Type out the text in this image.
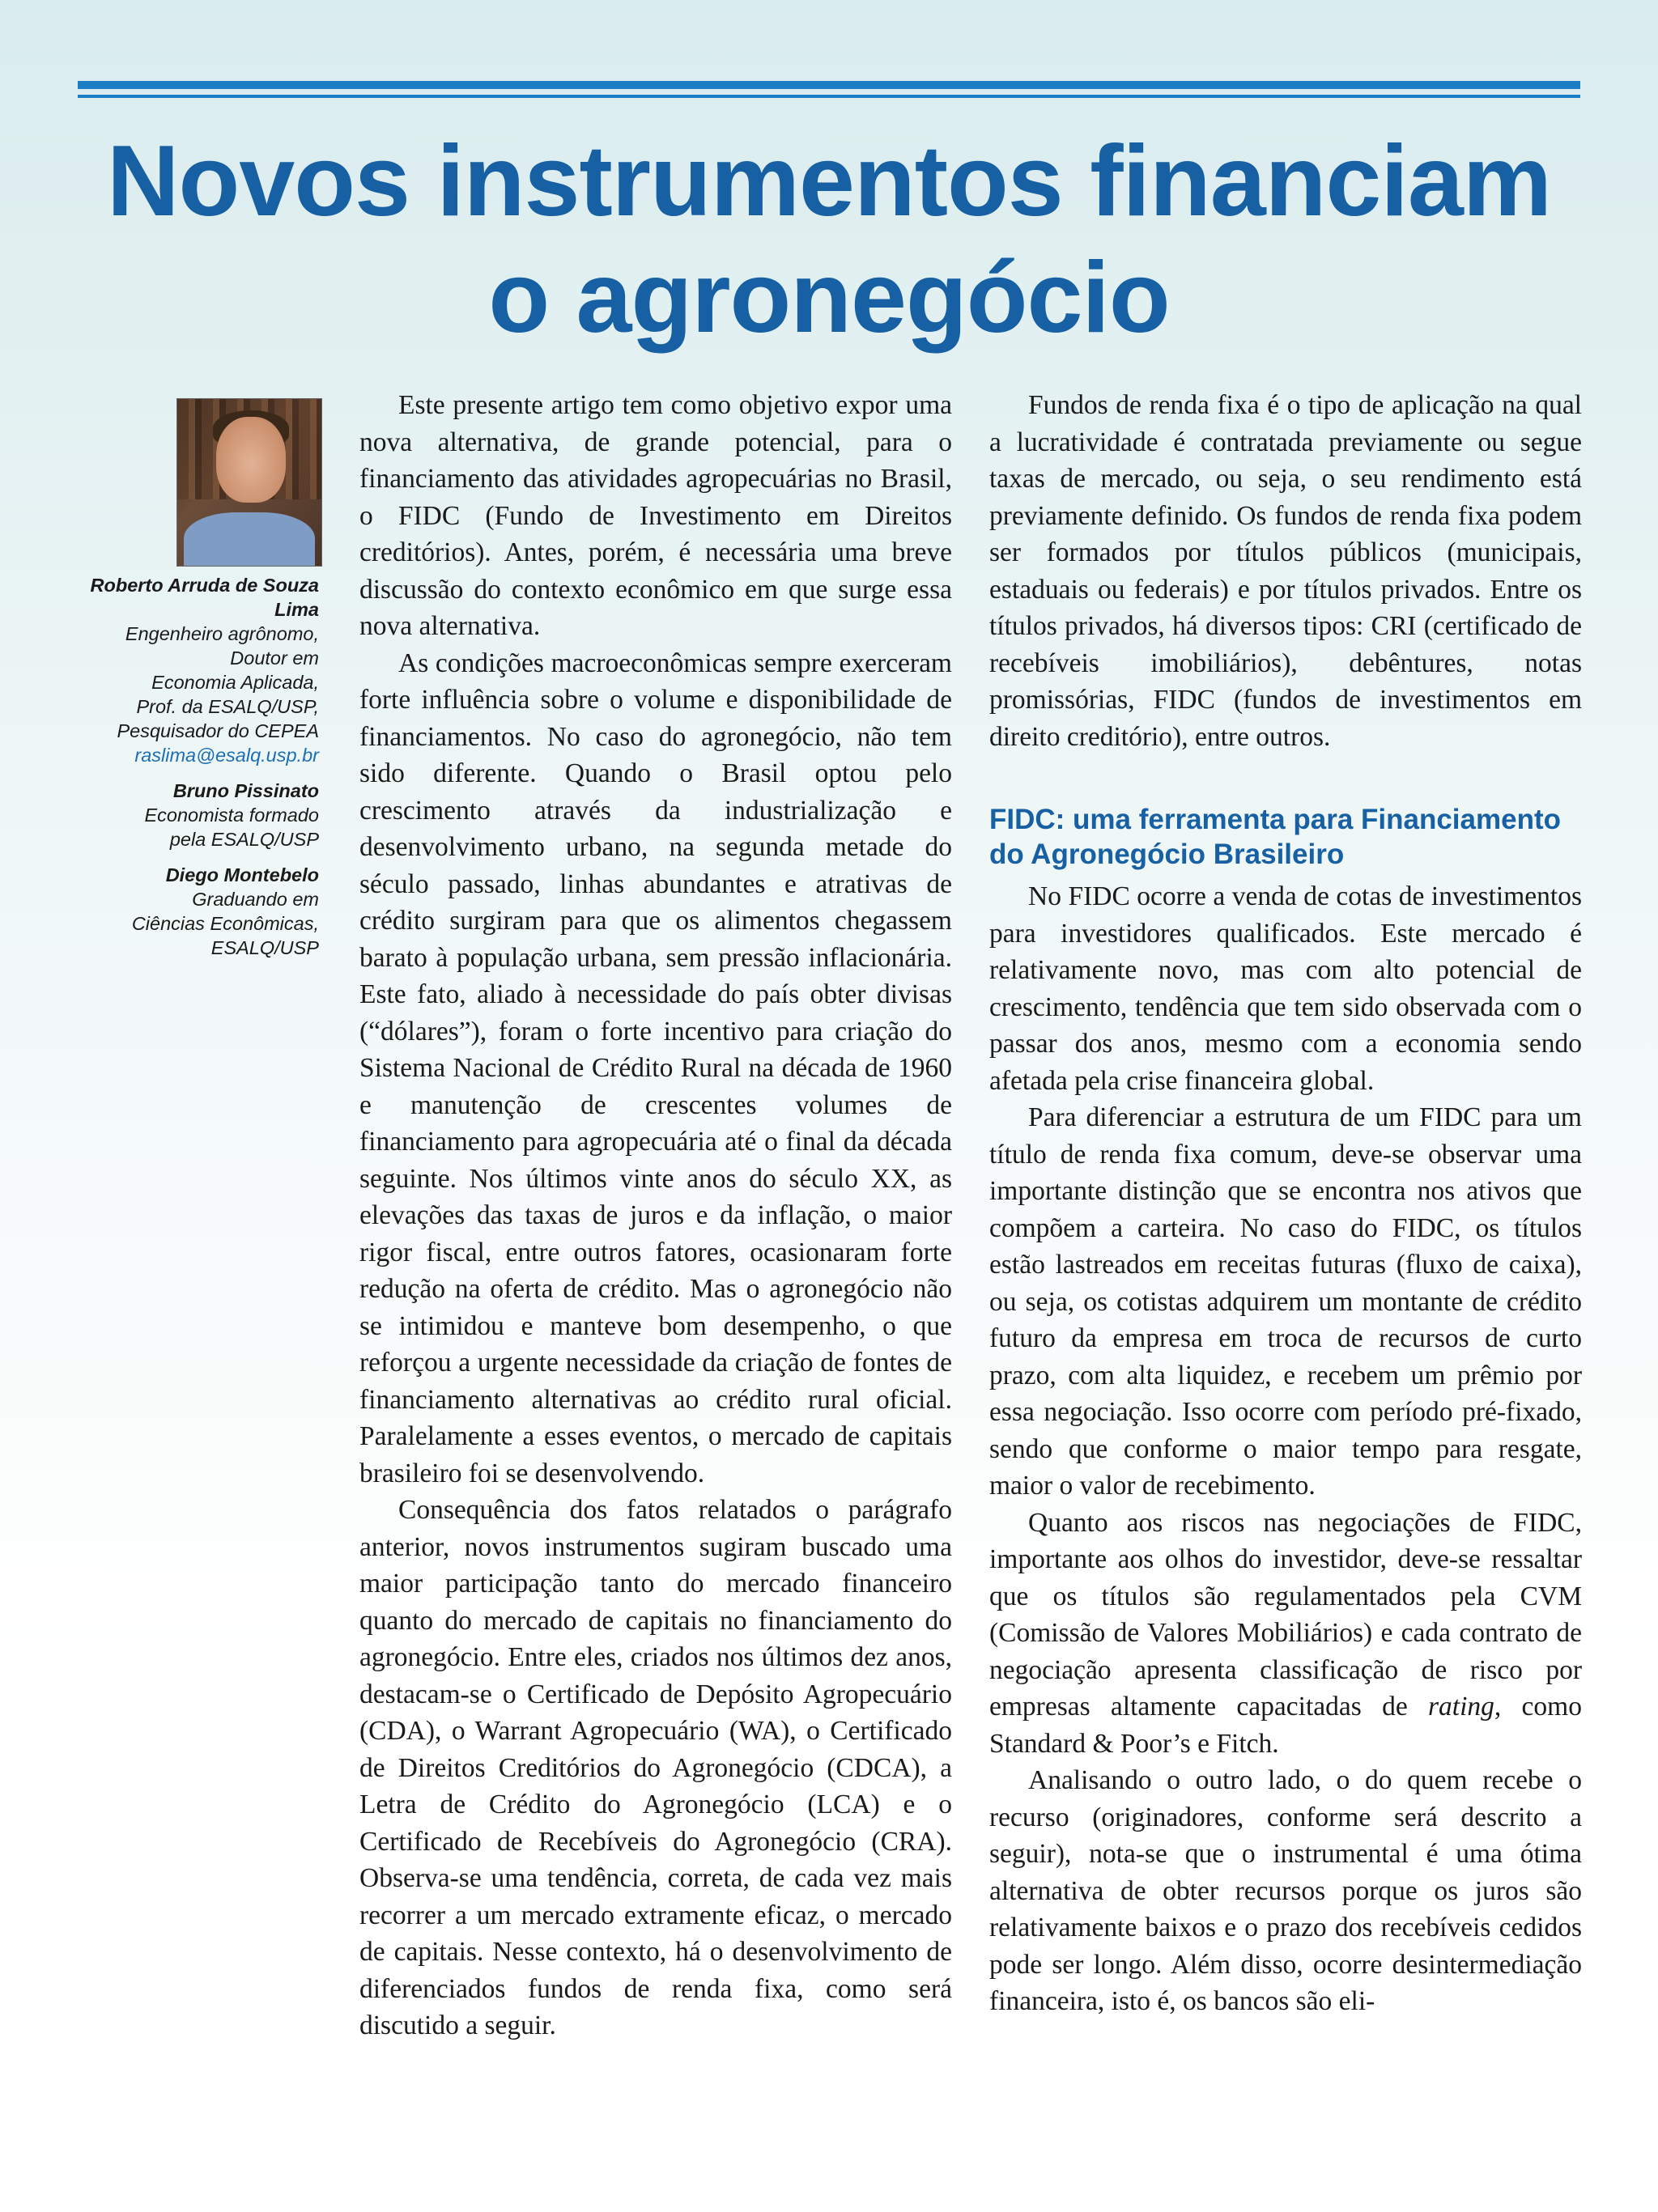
Novos instrumentos financiam
o agronegócio
Roberto Arruda de Souza Lima
Engenheiro agrônomo,
Doutor em
Economia Aplicada,
Prof. da ESALQ/USP,
Pesquisador do CEPEA
raslima@esalq.usp.br
Bruno Pissinato
Economista formado
pela ESALQ/USP
Diego Montebelo
Graduando em
Ciências Econômicas,
ESALQ/USP

Este presente artigo tem como objetivo expor uma nova alternativa, de grande potencial, para o financiamento das atividades agropecuárias no Brasil, o FIDC (Fundo de Investimento em Direitos creditórios). Antes, porém, é necessária uma breve discussão do contexto econômico em que surge essa nova alternativa.

As condições macroeconômicas sempre exerceram forte influência sobre o volume e disponibilidade de financiamentos. No caso do agronegócio, não tem sido diferente. Quando o Brasil optou pelo crescimento através da industrialização e desenvolvimento urbano, na segunda metade do século passado, linhas abundantes e atrativas de crédito surgiram para que os alimentos chegassem barato à população urbana, sem pressão inflacionária. Este fato, aliado à necessidade do país obter divisas (“dólares”), foram o forte incentivo para criação do Sistema Nacional de Crédito Rural na década de 1960 e manutenção de crescentes volumes de financiamento para agropecuária até o final da década seguinte. Nos últimos vinte anos do século XX, as elevações das taxas de juros e da inflação, o maior rigor fiscal, entre outros fatores, ocasionaram forte redução na oferta de crédito. Mas o agronegócio não se intimidou e manteve bom desempenho, o que reforçou a urgente necessidade da criação de fontes de financiamento alternativas ao crédito rural oficial. Paralelamente a esses eventos, o mercado de capitais brasileiro foi se desenvolvendo.

Consequência dos fatos relatados o parágrafo anterior, novos instrumentos sugiram buscado uma maior participação tanto do mercado financeiro quanto do mercado de capitais no financiamento do agronegócio. Entre eles, criados nos últimos dez anos, destacam-se o Certificado de Depósito Agropecuário (CDA), o Warrant Agropecuário (WA), o Certificado de Direitos Creditórios do Agronegócio (CDCA), a Letra de Crédito do Agronegócio (LCA) e o Certificado de Recebíveis do Agronegócio (CRA). Observa-se uma tendência, correta, de cada vez mais recorrer a um mercado extramente eficaz, o mercado de capitais. Nesse contexto, há o desenvolvimento de diferenciados fundos de renda fixa, como será discutido a seguir.

Fundos de renda fixa é o tipo de aplicação na qual a lucratividade é contratada previamente ou segue taxas de mercado, ou seja, o seu rendimento está previamente definido. Os fundos de renda fixa podem ser formados por títulos públicos (municipais, estaduais ou federais) e por títulos privados. Entre os títulos privados, há diversos tipos: CRI (certificado de recebíveis imobiliários), debêntures, notas promissórias, FIDC (fundos de investimentos em direito creditório), entre outros.

FIDC: uma ferramenta para Financiamento do Agronegócio Brasileiro

No FIDC ocorre a venda de cotas de investimentos para investidores qualificados. Este mercado é relativamente novo, mas com alto potencial de crescimento, tendência que tem sido observada com o passar dos anos, mesmo com a economia sendo afetada pela crise financeira global.

Para diferenciar a estrutura de um FIDC para um título de renda fixa comum, deve-se observar uma importante distinção que se encontra nos ativos que compõem a carteira. No caso do FIDC, os títulos estão lastreados em receitas futuras (fluxo de caixa), ou seja, os cotistas adquirem um montante de crédito futuro da empresa em troca de recursos de curto prazo, com alta liquidez, e recebem um prêmio por essa negociação. Isso ocorre com período pré-fixado, sendo que conforme o maior tempo para resgate, maior o valor de recebimento.

Quanto aos riscos nas negociações de FIDC, importante aos olhos do investidor, deve-se ressaltar que os títulos são regulamentados pela CVM (Comissão de Valores Mobiliários) e cada contrato de negociação apresenta classificação de risco por empresas altamente capacitadas de rating, como Standard & Poor’s e Fitch.

Analisando o outro lado, o do quem recebe o recurso (originadores, conforme será descrito a seguir), nota-se que o instrumental é uma ótima alternativa de obter recursos porque os juros são relativamente baixos e o prazo dos recebíveis cedidos pode ser longo. Além disso, ocorre desintermediação financeira, isto é, os bancos são eli-
